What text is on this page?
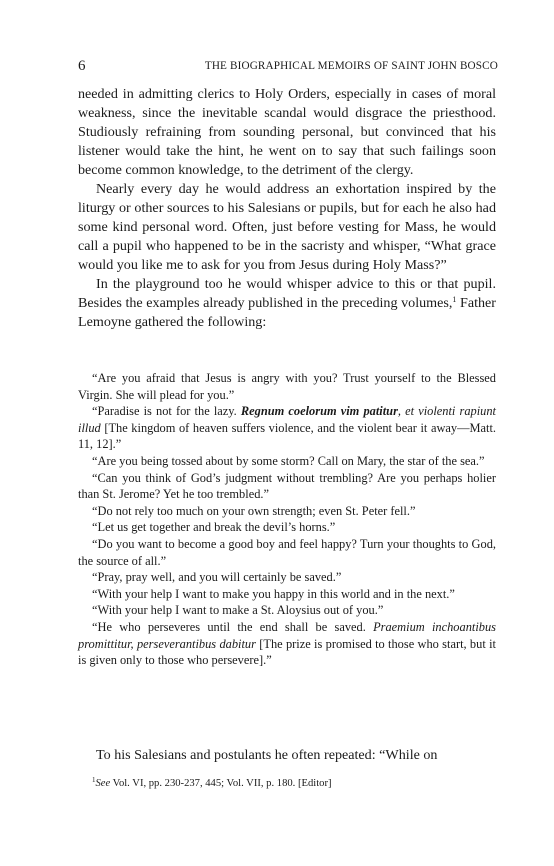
6	THE BIOGRAPHICAL MEMOIRS OF SAINT JOHN BOSCO

needed in admitting clerics to Holy Orders, especially in cases of moral weakness, since the inevitable scandal would disgrace the priesthood. Studiously refraining from sounding personal, but convinced that his listener would take the hint, he went on to say that such failings soon become common knowledge, to the detriment of the clergy.

Nearly every day he would address an exhortation inspired by the liturgy or other sources to his Salesians or pupils, but for each he also had some kind personal word. Often, just before vesting for Mass, he would call a pupil who happened to be in the sacristy and whisper, “What grace would you like me to ask for you from Jesus during Holy Mass?”

In the playground too he would whisper advice to this or that pupil. Besides the examples already published in the preceding volumes,$^1$ Father Lemoyne gathered the following:

“Are you afraid that Jesus is angry with you? Trust yourself to the Blessed Virgin. She will plead for you.”

“Paradise is not for the lazy. Regnum coelorum vim patitur, et violenti rapiunt illud [The kingdom of heaven suffers violence, and the violent bear it away—Matt. 11, 12].”

“Are you being tossed about by some storm? Call on Mary, the star of the sea.”

“Can you think of God’s judgment without trembling? Are you perhaps holier than St. Jerome? Yet he too trembled.”

“Do not rely too much on your own strength; even St. Peter fell.”

“Let us get together and break the devil’s horns.”

“Do you want to become a good boy and feel happy? Turn your thoughts to God, the source of all.”

“Pray, pray well, and you will certainly be saved.”

“With your help I want to make you happy in this world and in the next.”

“With your help I want to make a St. Aloysius out of you.”

“He who perseveres until the end shall be saved. Praemium inchoantibus promittitur, perseverantibus dabitur [The prize is promised to those who start, but it is given only to those who persevere].”

To his Salesians and postulants he often repeated: “While on

$^1$See Vol. VI, pp. 230-237, 445; Vol. VII, p. 180. [Editor]
